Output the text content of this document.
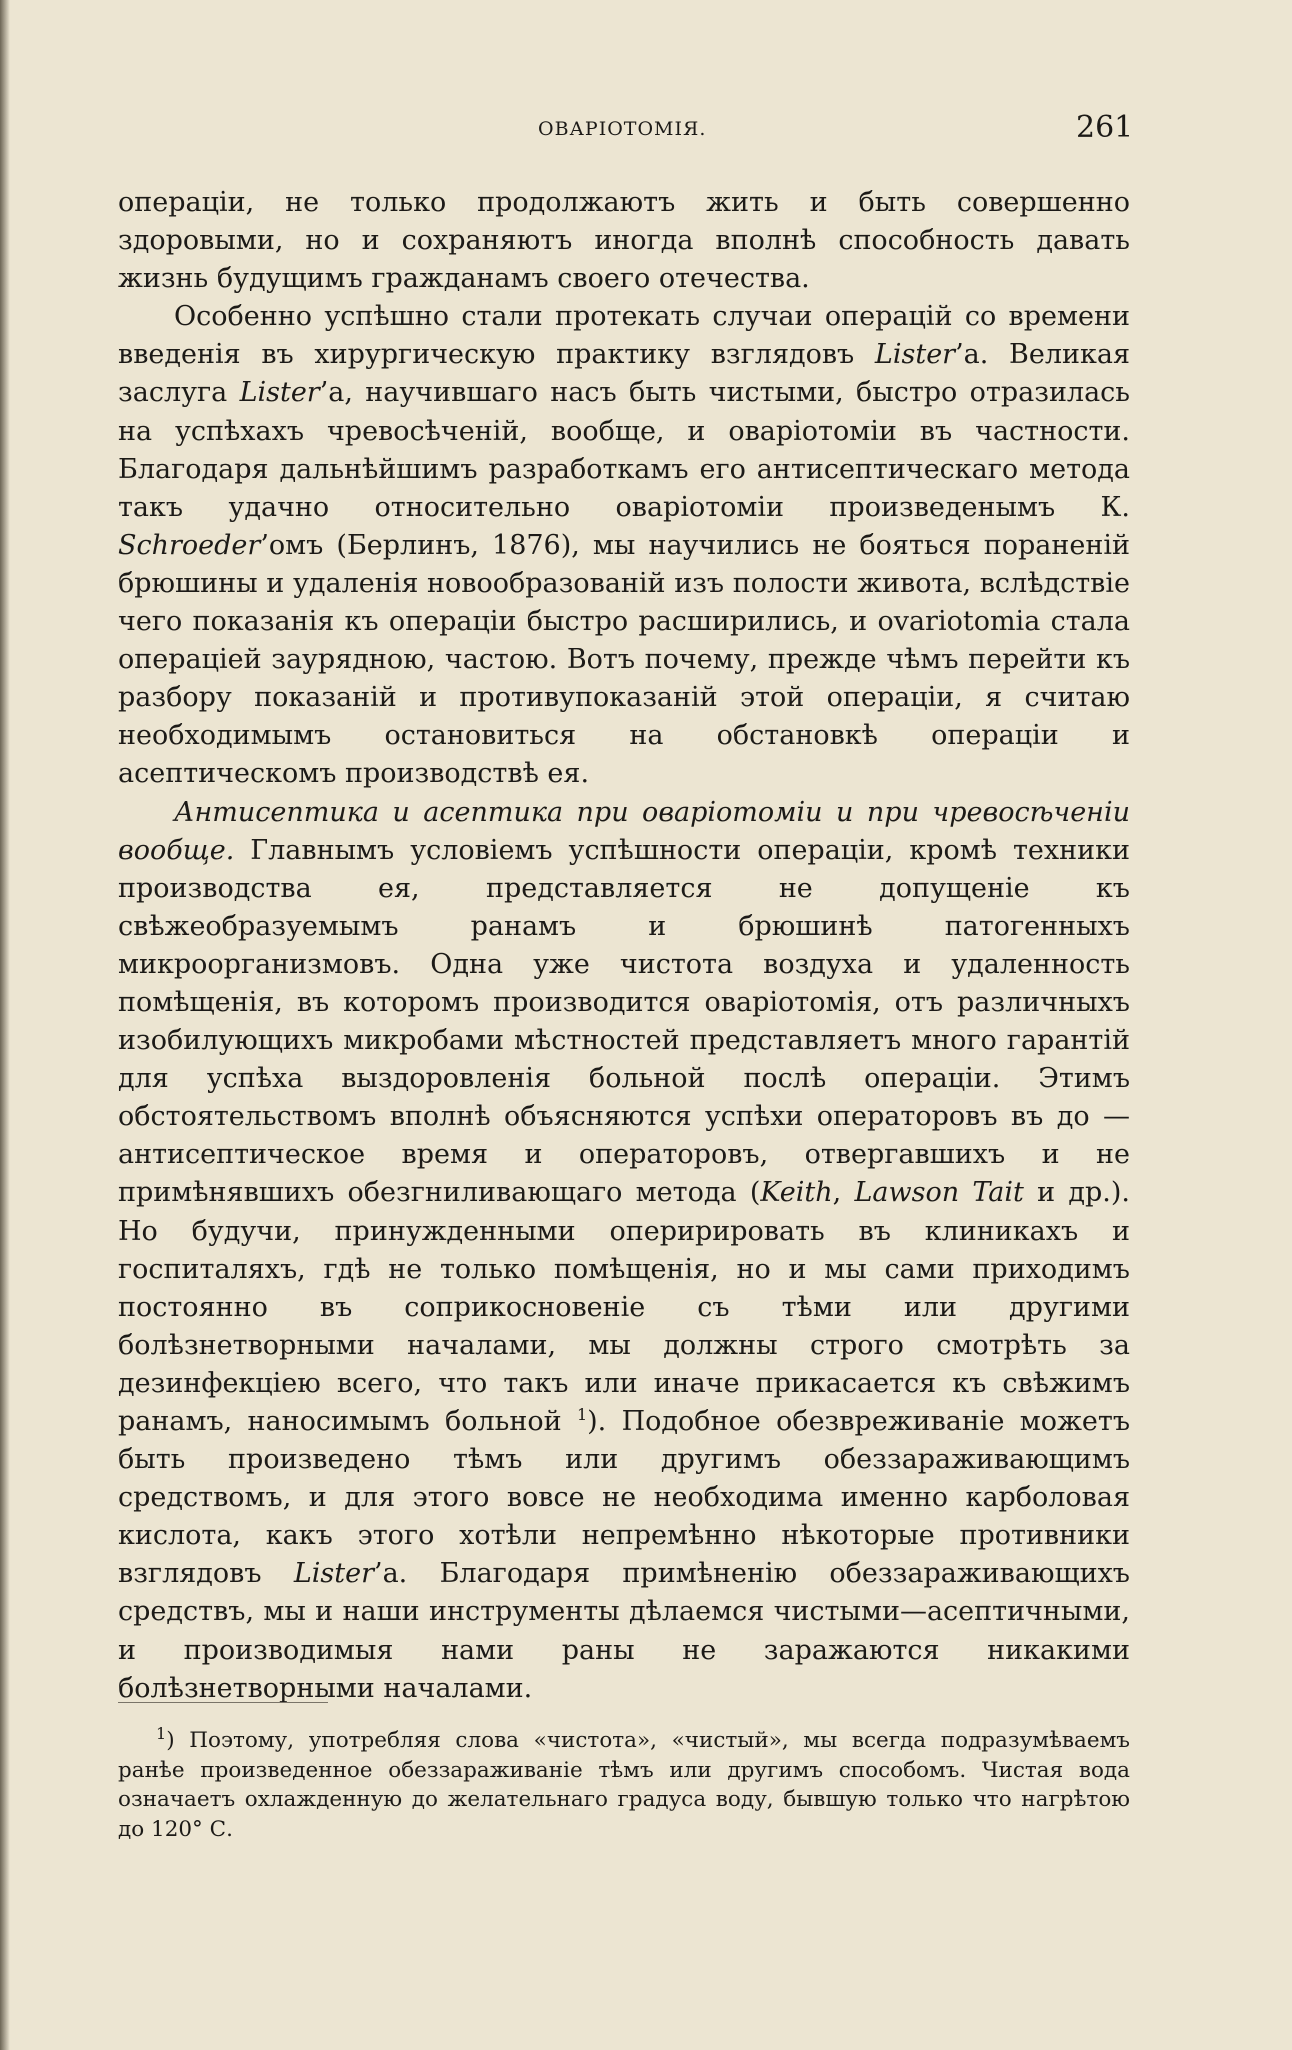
ОВАРІОТОМІЯ.	261

операціи, не только продолжаютъ жить и быть совершенно здоровыми, но и сохраняютъ иногда вполнѣ способность давать жизнь будущимъ гражданамъ своего отечества.

Особенно успѣшно стали протекать случаи операцій со времени введенія въ хирургическую практику взглядовъ Lister’a. Великая заслуга Lister’a, научившаго насъ быть чистыми, быстро отразилась на успѣхахъ чревосѣченій, вообще, и оваріотоміи въ частности. Благодаря дальнѣйшимъ разработкамъ его антисептическаго метода такъ удачно относительно оваріотоміи произведенымъ К. Schroeder’омъ (Берлинъ, 1876), мы научились не бояться пораненій брюшины и удаленія новообразованій изъ полости живота, вслѣдствіе чего показанія къ операціи быстро расширились, и ovariotomia стала операціей заурядною, частою. Вотъ почему, прежде чѣмъ перейти къ разбору показаній и противупоказаній этой операціи, я считаю необходимымъ остановиться на обстановкѣ операціи и асептическомъ производствѣ ея.

Антисептика и асептика при оваріотоміи и при чревосѣченіи вообще. Главнымъ условіемъ успѣшности операціи, кромѣ техники производства ея, представляется не допущеніе къ свѣжеобразуемымъ ранамъ и брюшинѣ патогенныхъ микроорганизмовъ. Одна уже чистота воздуха и удаленность помѣщенія, въ которомъ производится оваріотомія, отъ различныхъ изобилующихъ микробами мѣстностей представляетъ много гарантій для успѣха выздоровленія больной послѣ операціи. Этимъ обстоятельствомъ вполнѣ объясняются успѣхи операторовъ въ до — антисептическое время и операторовъ, отвергавшихъ и не примѣнявшихъ обезгниливающаго метода (Keith, Lawson Tait и др.). Но будучи, принужденными оперирировать въ клиникахъ и госпиталяхъ, гдѣ не только помѣщенія, но и мы сами приходимъ постоянно въ соприкосновеніе съ тѣми или другими болѣзнетворными началами, мы должны строго смотрѣть за дезинфекціею всего, что такъ или иначе прикасается къ свѣжимъ ранамъ, наносимымъ больной $^1$). Подобное обезвреживаніе можетъ быть произведено тѣмъ или другимъ обеззараживающимъ средствомъ, и для этого вовсе не необходима именно карболовая кислота, какъ этого хотѣли непремѣнно нѣкоторые противники взглядовъ Lister’a. Благодаря примѣненію обеззараживающихъ средствъ, мы и наши инструменты дѣлаемся чистыми—асептичными, и производимыя нами раны не заражаются никакими болѣзнетворными началами.

$^1$) Поэтому, употребляя слова «чистота», «чистый», мы всегда подразумѣваемъ ранѣе произведенное обеззараживаніе тѣмъ или другимъ способомъ. Чистая вода означаетъ охлажденную до желательнаго градуса воду, бывшую только что нагрѣтою до 120° С.
